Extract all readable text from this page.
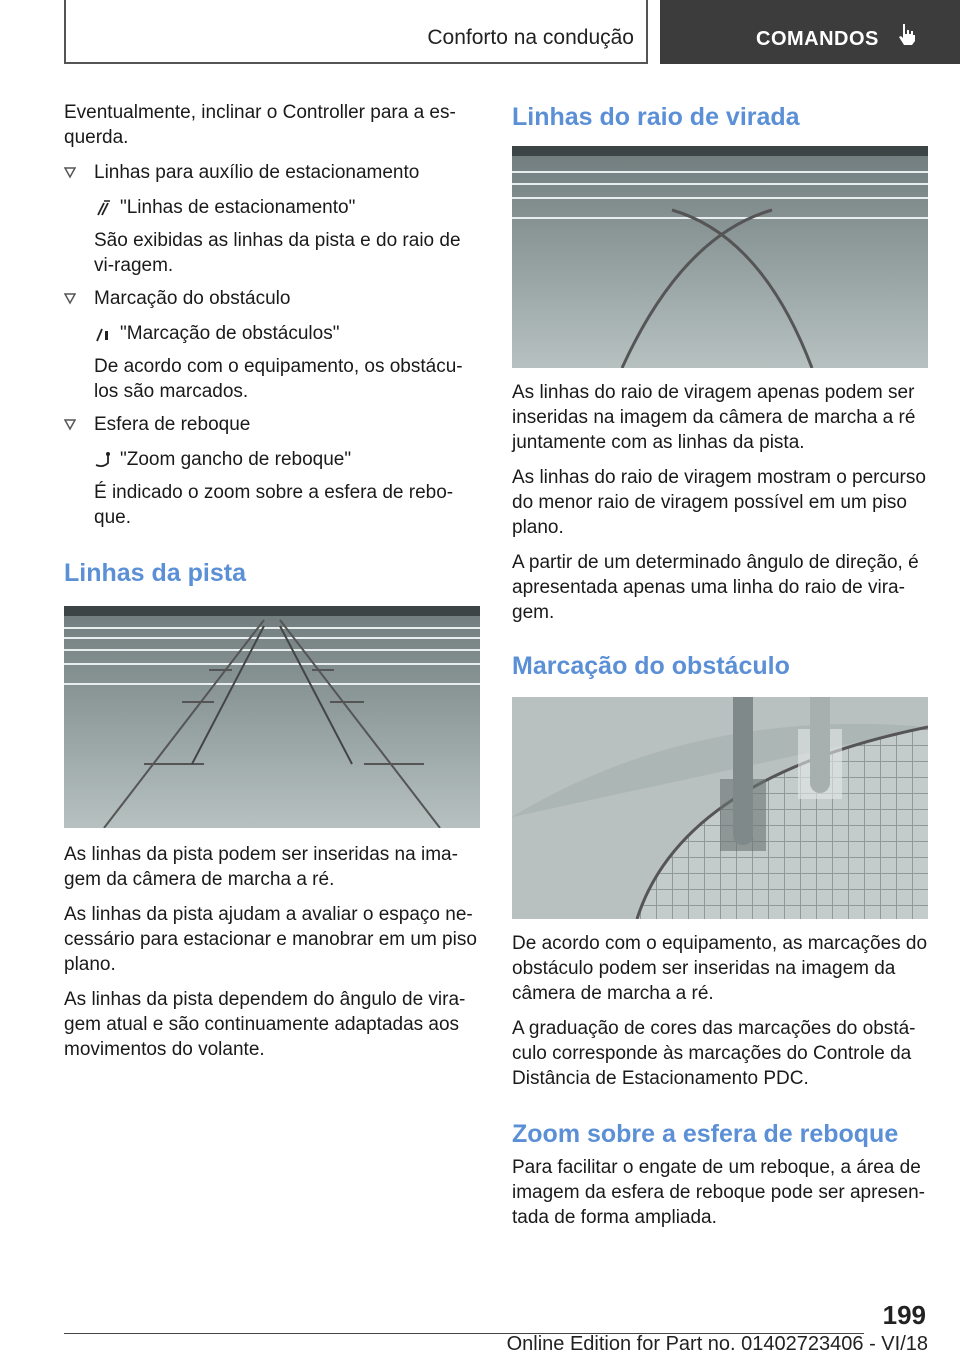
Conforto na condução	COMANDOS

Eventualmente, inclinar o Controller para a es-querda.

Linhas para auxílio de estacionamento
"Linhas de estacionamento"

São exibidas as linhas da pista e do raio de vi-ragem.

Marcação do obstáculo
"Marcação de obstáculos"

De acordo com o equipamento, os obstácu-los são marcados.

Esfera de reboque
"Zoom gancho de reboque"

É indicado o zoom sobre a esfera de rebo-que.

Linhas da pista

As linhas da pista podem ser inseridas na ima-gem da câmera de marcha a ré.

As linhas da pista ajudam a avaliar o espaço ne-cessário para estacionar e manobrar em um piso plano.

As linhas da pista dependem do ângulo de vira-gem atual e são continuamente adaptadas aos movimentos do volante.

Linhas do raio de virada

As linhas do raio de viragem apenas podem ser inseridas na imagem da câmera de marcha a ré juntamente com as linhas da pista.

As linhas do raio de viragem mostram o percurso do menor raio de viragem possível em um piso plano.

A partir de um determinado ângulo de direção, é apresentada apenas uma linha do raio de vira-gem.

Marcação do obstáculo

De acordo com o equipamento, as marcações do obstáculo podem ser inseridas na imagem da câmera de marcha a ré.

A graduação de cores das marcações do obstá-culo corresponde às marcações do Controle da Distância de Estacionamento PDC.

Zoom sobre a esfera de reboque

Para facilitar o engate de um reboque, a área de imagem da esfera de reboque pode ser apresen-tada de forma ampliada.

199
Online Edition for Part no. 01402723406 - VI/18
